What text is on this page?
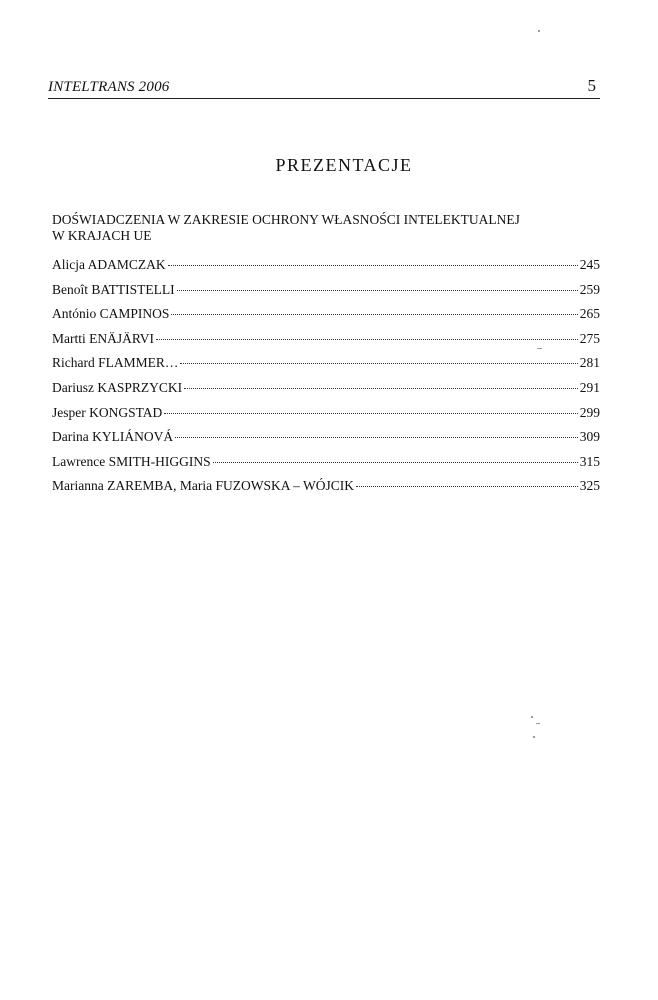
INTELTRANS 2006	5
PREZENTACJE
DOŚWIADCZENIA W ZAKRESIE OCHRONY WŁASNOŚCI INTELEKTUALNEJ
W KRAJACH UE
Alicja ADAMCZAK	245
Benoît BATTISTELLI	259
António CAMPINOS	265
Martti ENÄJÄRVI	275
Richard FLAMMER…	281
Dariusz KASPRZYCKI	291
Jesper KONGSTAD	299
Darina KYLIÁNOVÁ	309
Lawrence SMITH-HIGGINS	315
Marianna ZAREMBA, Maria FUZOWSKA – WÓJCIK	325
